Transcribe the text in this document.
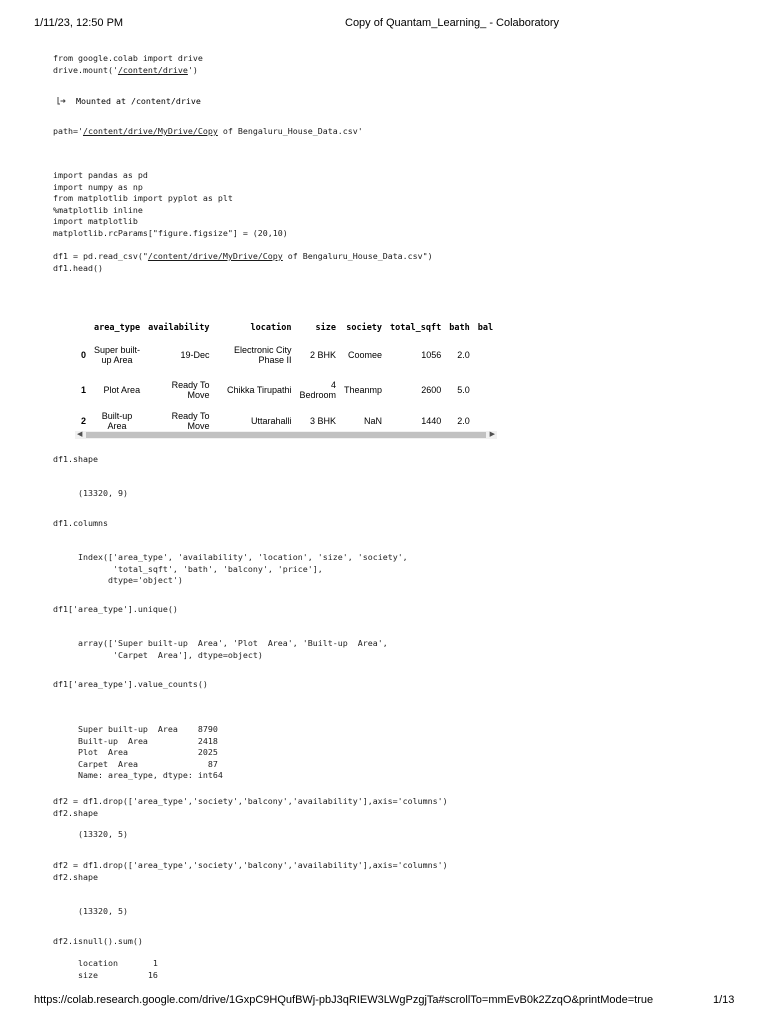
1/11/23, 12:50 PM	Copy of Quantam_Learning_ - Colaboratory
from google.colab import drive
drive.mount('/content/drive')
Mounted at /content/drive
path='/content/drive/MyDrive/Copy of Bengaluru_House_Data.csv'
import pandas as pd
import numpy as np
from matplotlib import pyplot as plt
%matplotlib inline
import matplotlib
matplotlib.rcParams["figure.figsize"] = (20,10)
df1 = pd.read_csv("/content/drive/MyDrive/Copy of Bengaluru_House_Data.csv")
df1.head()
	area_type	availability	location	size	society	total_sqft	bath	bal
0	Super built-up Area	19-Dec	Electronic City Phase II	2 BHK	Coomee	1056	2.0	
1	Plot Area	Ready To Move	Chikka Tirupathi	4 Bedroom	Theanmp	2600	5.0	
2	Built-up Area	Ready To Move	Uttarahalli	3 BHK	NaN	1440	2.0	
◀	▶
df1.shape
(13320, 9)
df1.columns
Index(['area_type', 'availability', 'location', 'size', 'society',
'total_sqft', 'bath', 'balcony', 'price'],
dtype='object')
df1['area_type'].unique()
array(['Super built-up  Area', 'Plot  Area', 'Built-up  Area',
'Carpet  Area'], dtype=object)
df1['area_type'].value_counts()
Super built-up  Area    8790
Built-up  Area          2418
Plot  Area              2025
Carpet  Area              87
Name: area_type, dtype: int64
df2 = df1.drop(['area_type','society','balcony','availability'],axis='columns')
df2.shape
(13320, 5)
df2 = df1.drop(['area_type','society','balcony','availability'],axis='columns')
df2.shape
(13320, 5)
df2.isnull().sum()
location       1
size          16
https://colab.research.google.com/drive/1GxpC9HQufBWj-pbJ3qRIEW3LWgPzgjTa#scrollTo=mmEvB0k2ZzqO&printMode=true	1/13
